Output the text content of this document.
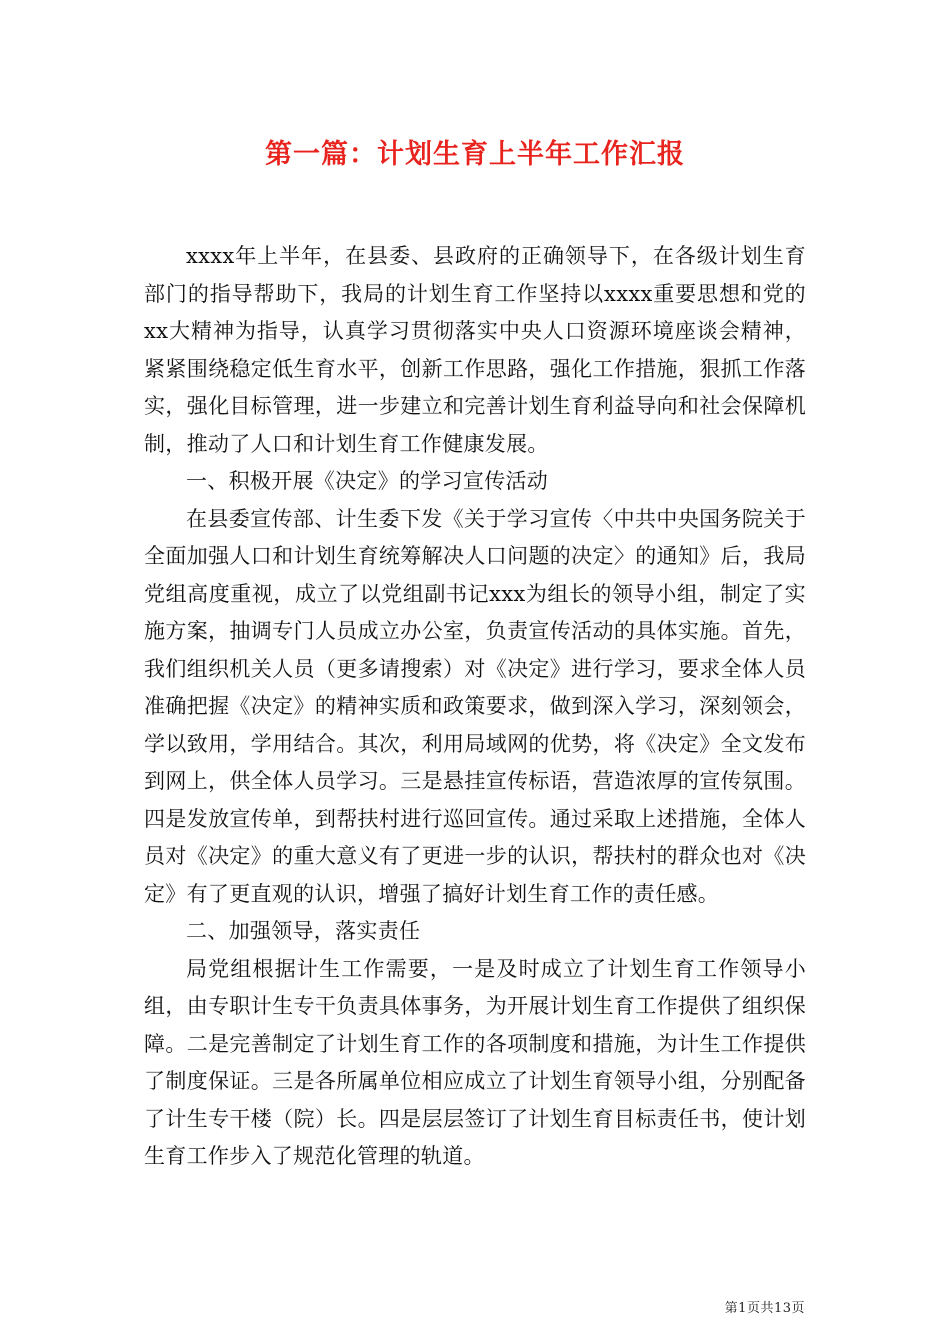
第一篇：计划生育上半年工作汇报

xxxx年上半年，在县委、县政府的正确领导下，在各级计划生育部门的指导帮助下，我局的计划生育工作坚持以xxxx重要思想和党的xx大精神为指导，认真学习贯彻落实中央人口资源环境座谈会精神，紧紧围绕稳定低生育水平，创新工作思路，强化工作措施，狠抓工作落实，强化目标管理，进一步建立和完善计划生育利益导向和社会保障机制，推动了人口和计划生育工作健康发展。

一、积极开展《决定》的学习宣传活动

在县委宣传部、计生委下发《关于学习宣传〈中共中央国务院关于全面加强人口和计划生育统筹解决人口问题的决定〉的通知》后，我局党组高度重视，成立了以党组副书记xxx为组长的领导小组，制定了实施方案，抽调专门人员成立办公室，负责宣传活动的具体实施。首先，我们组织机关人员（更多请搜索）对《决定》进行学习，要求全体人员准确把握《决定》的精神实质和政策要求，做到深入学习，深刻领会，学以致用，学用结合。其次，利用局域网的优势，将《决定》全文发布到网上，供全体人员学习。三是悬挂宣传标语，营造浓厚的宣传氛围。四是发放宣传单，到帮扶村进行巡回宣传。通过采取上述措施，全体人员对《决定》的重大意义有了更进一步的认识，帮扶村的群众也对《决定》有了更直观的认识，增强了搞好计划生育工作的责任感。

二、加强领导，落实责任

局党组根据计生工作需要，一是及时成立了计划生育工作领导小组，由专职计生专干负责具体事务，为开展计划生育工作提供了组织保障。二是完善制定了计划生育工作的各项制度和措施，为计生工作提供了制度保证。三是各所属单位相应成立了计划生育领导小组，分别配备了计生专干楼（院）长。四是层层签订了计划生育目标责任书，使计划生育工作步入了规范化管理的轨道。

第1页共13页
